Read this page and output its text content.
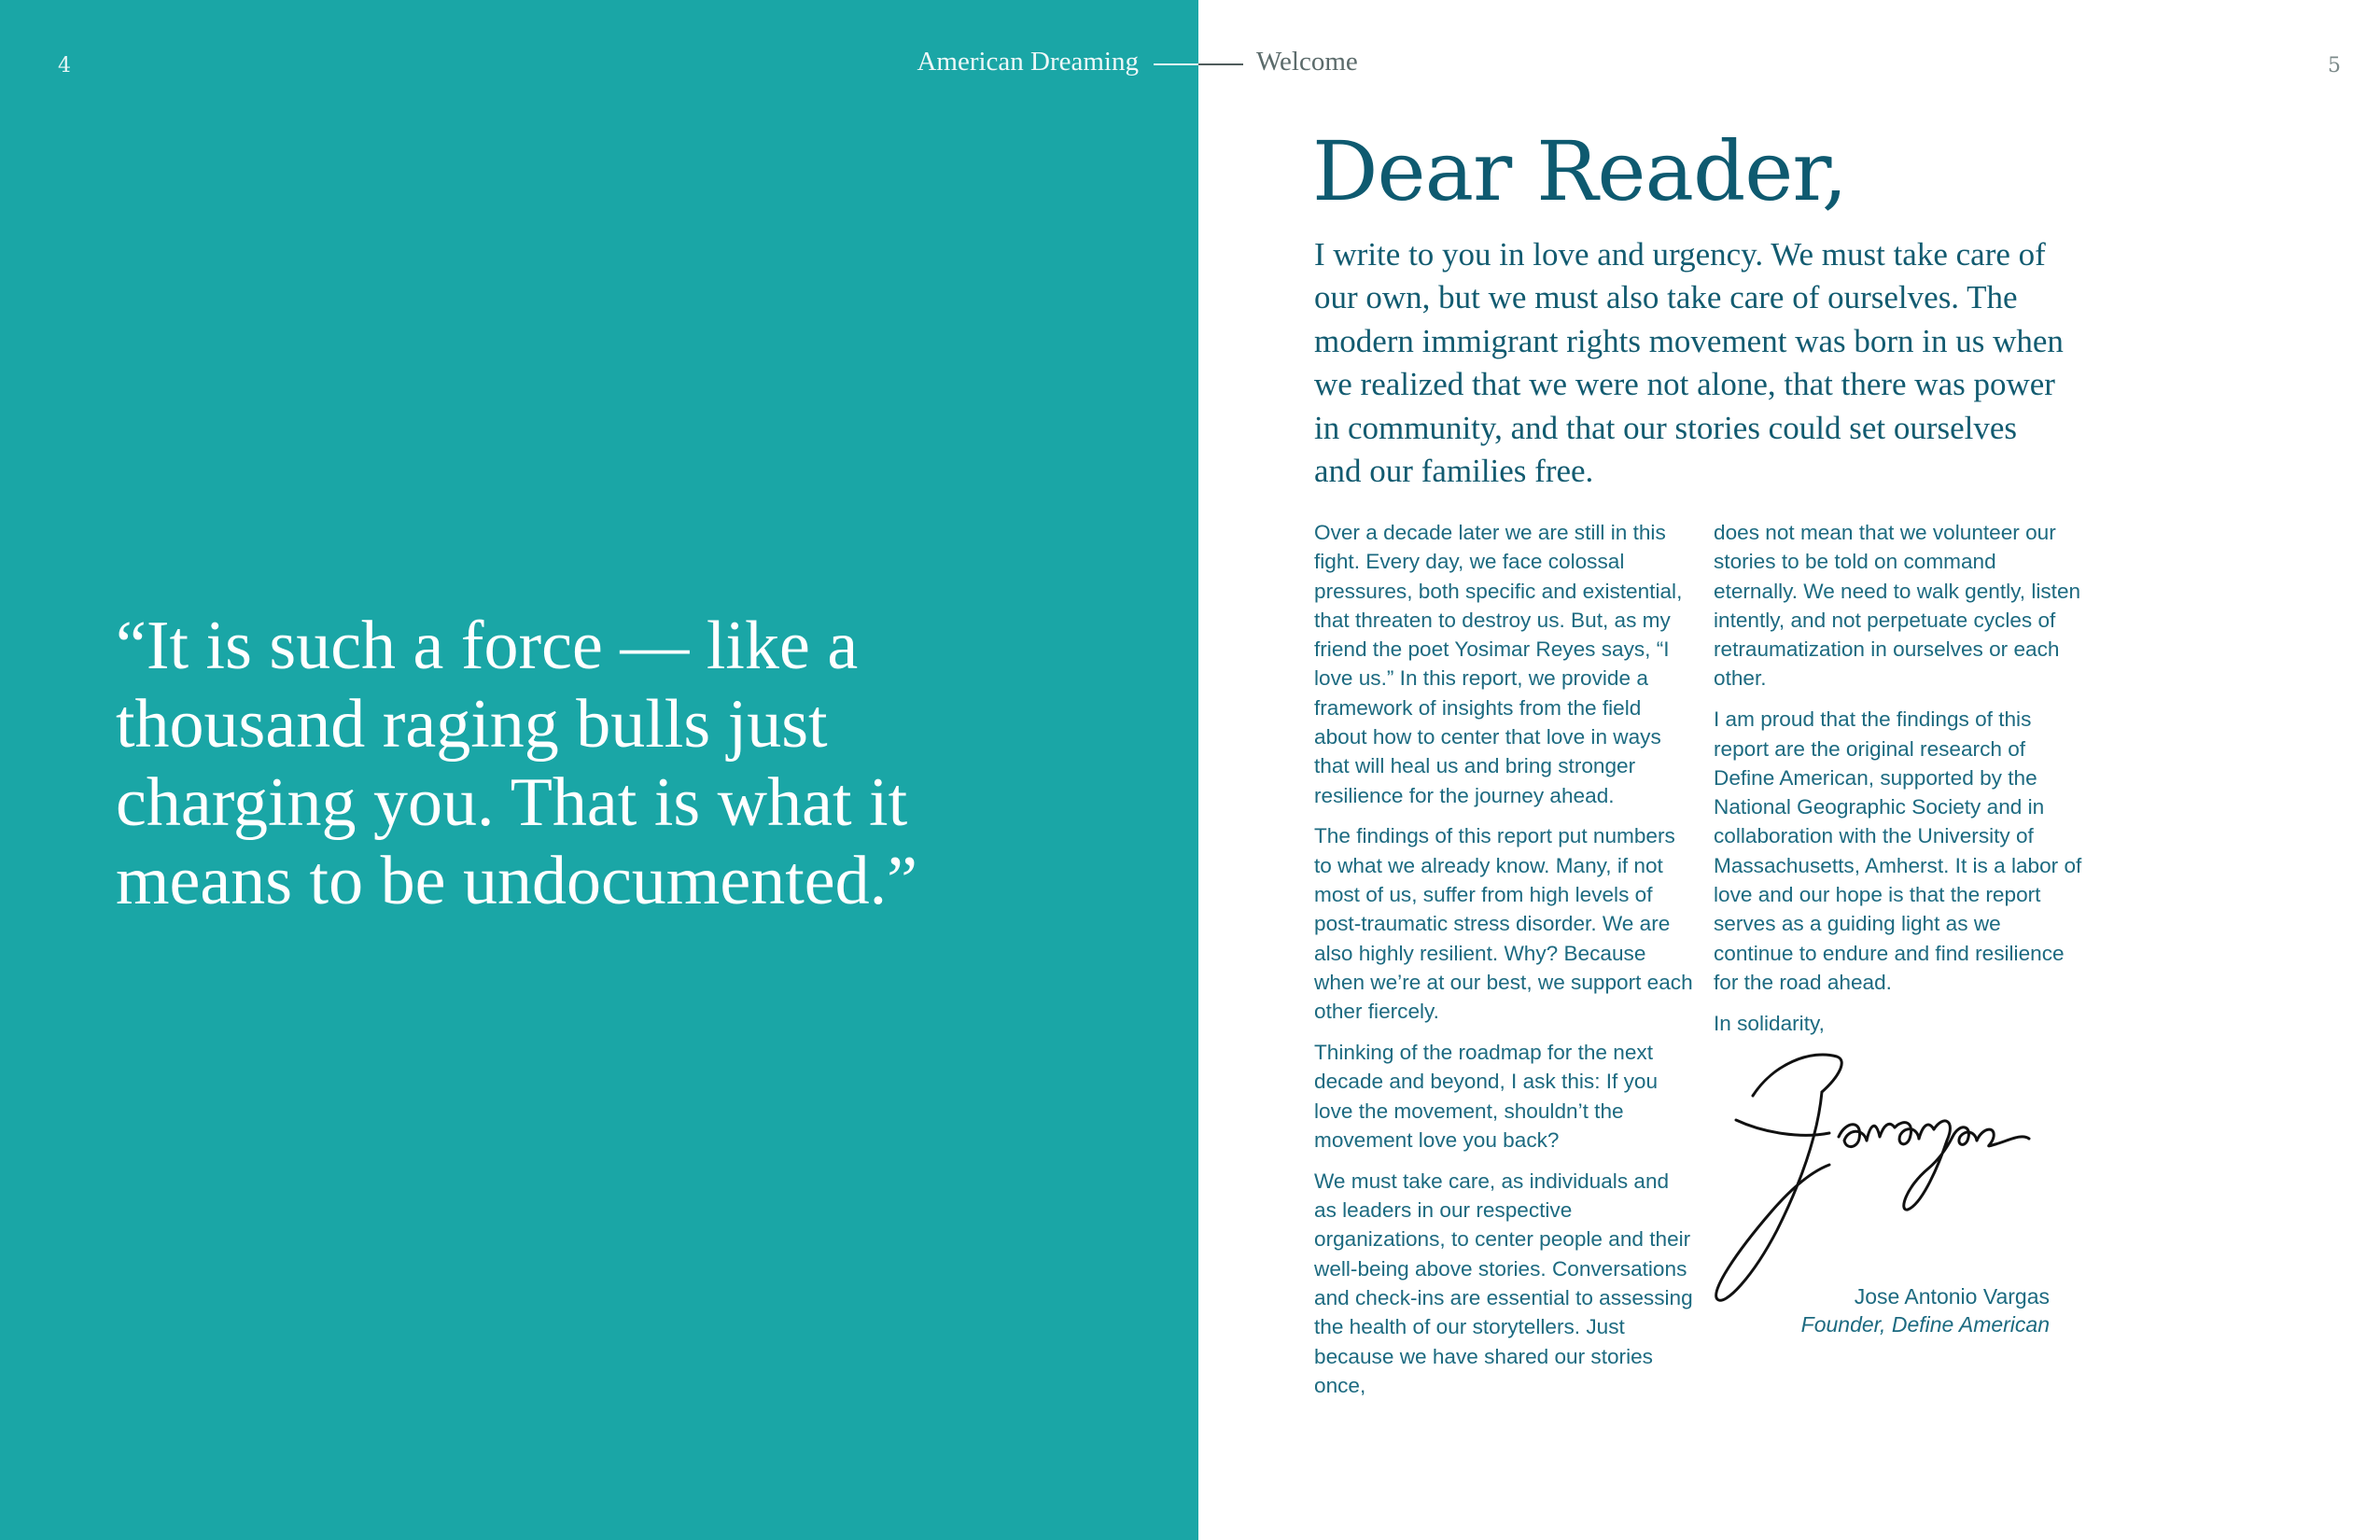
4	5
American Dreaming	Welcome

“It is such a force — like a thousand raging bulls just charging you. That is what it means to be undocumented.”

Dear Reader,

I write to you in love and urgency. We must take care of our own, but we must also take care of ourselves. The modern immigrant rights movement was born in us when we realized that we were not alone, that there was power in community, and that our stories could set ourselves and our families free.

Over a decade later we are still in this fight. Every day, we face colossal pressures, both specific and existential, that threaten to destroy us. But, as my friend the poet Yosimar Reyes says, “I love us.” In this report, we provide a framework of insights from the field about how to center that love in ways that will heal us and bring stronger resilience for the journey ahead.

The findings of this report put numbers to what we already know. Many, if not most of us, suffer from high levels of post-traumatic stress disorder. We are also highly resilient. Why? Because when we’re at our best, we support each other fiercely.

Thinking of the roadmap for the next decade and beyond, I ask this: If you love the movement, shouldn’t the movement love you back?

We must take care, as individuals and as leaders in our respective organizations, to center people and their well-being above stories. Conversations and check-ins are essential to assessing the health of our storytellers. Just because we have shared our stories once,

does not mean that we volunteer our stories to be told on command eternally. We need to walk gently, listen intently, and not perpetuate cycles of retraumatization in ourselves or each other.

I am proud that the findings of this report are the original research of Define American, supported by the National Geographic Society and in collaboration with the University of Massachusetts, Amherst. It is a labor of love and our hope is that the report serves as a guiding light as we continue to endure and find resilience for the road ahead.

In solidarity,

Jose Antonio Vargas
Founder, Define American
